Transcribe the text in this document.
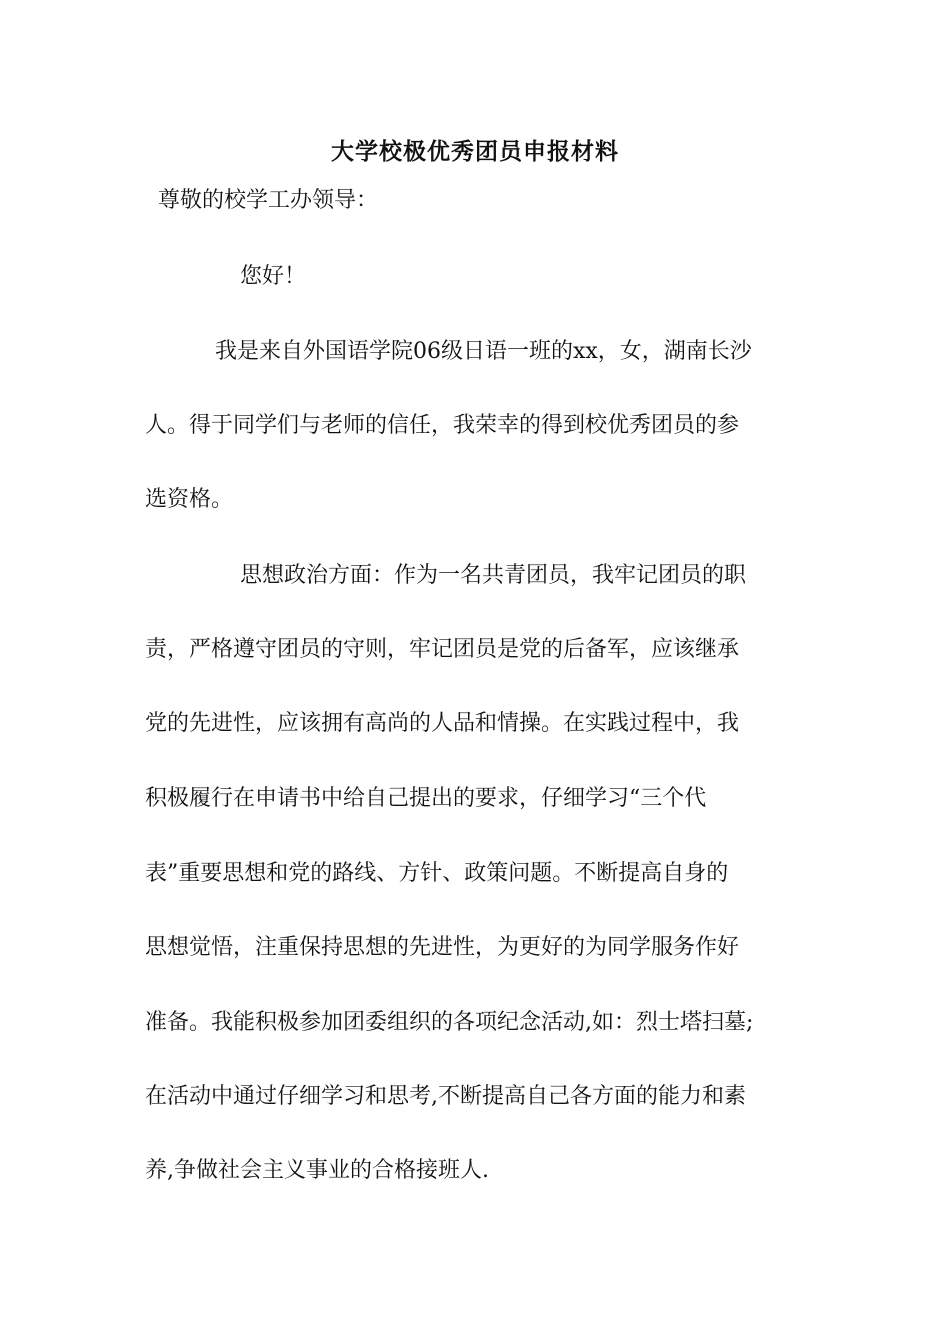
大学校极优秀团员申报材料

尊敬的校学工办领导：

您好！

我是来自外国语学院06级日语一班的xx，女，湖南长沙

人。得于同学们与老师的信任，我荣幸的得到校优秀团员的参

选资格。

思想政治方面：作为一名共青团员，我牢记团员的职

责，严格遵守团员的守则，牢记团员是党的后备军，应该继承

党的先进性，应该拥有高尚的人品和情操。在实践过程中，我

积极履行在申请书中给自己提出的要求，仔细学习“三个代

表”重要思想和党的路线、方针、政策问题。不断提高自身的

思想觉悟，注重保持思想的先进性，为更好的为同学服务作好

准备。我能积极参加团委组织的各项纪念活动,如：烈士塔扫墓;

在活动中通过仔细学习和思考,不断提高自己各方面的能力和素

养,争做社会主义事业的合格接班人.
